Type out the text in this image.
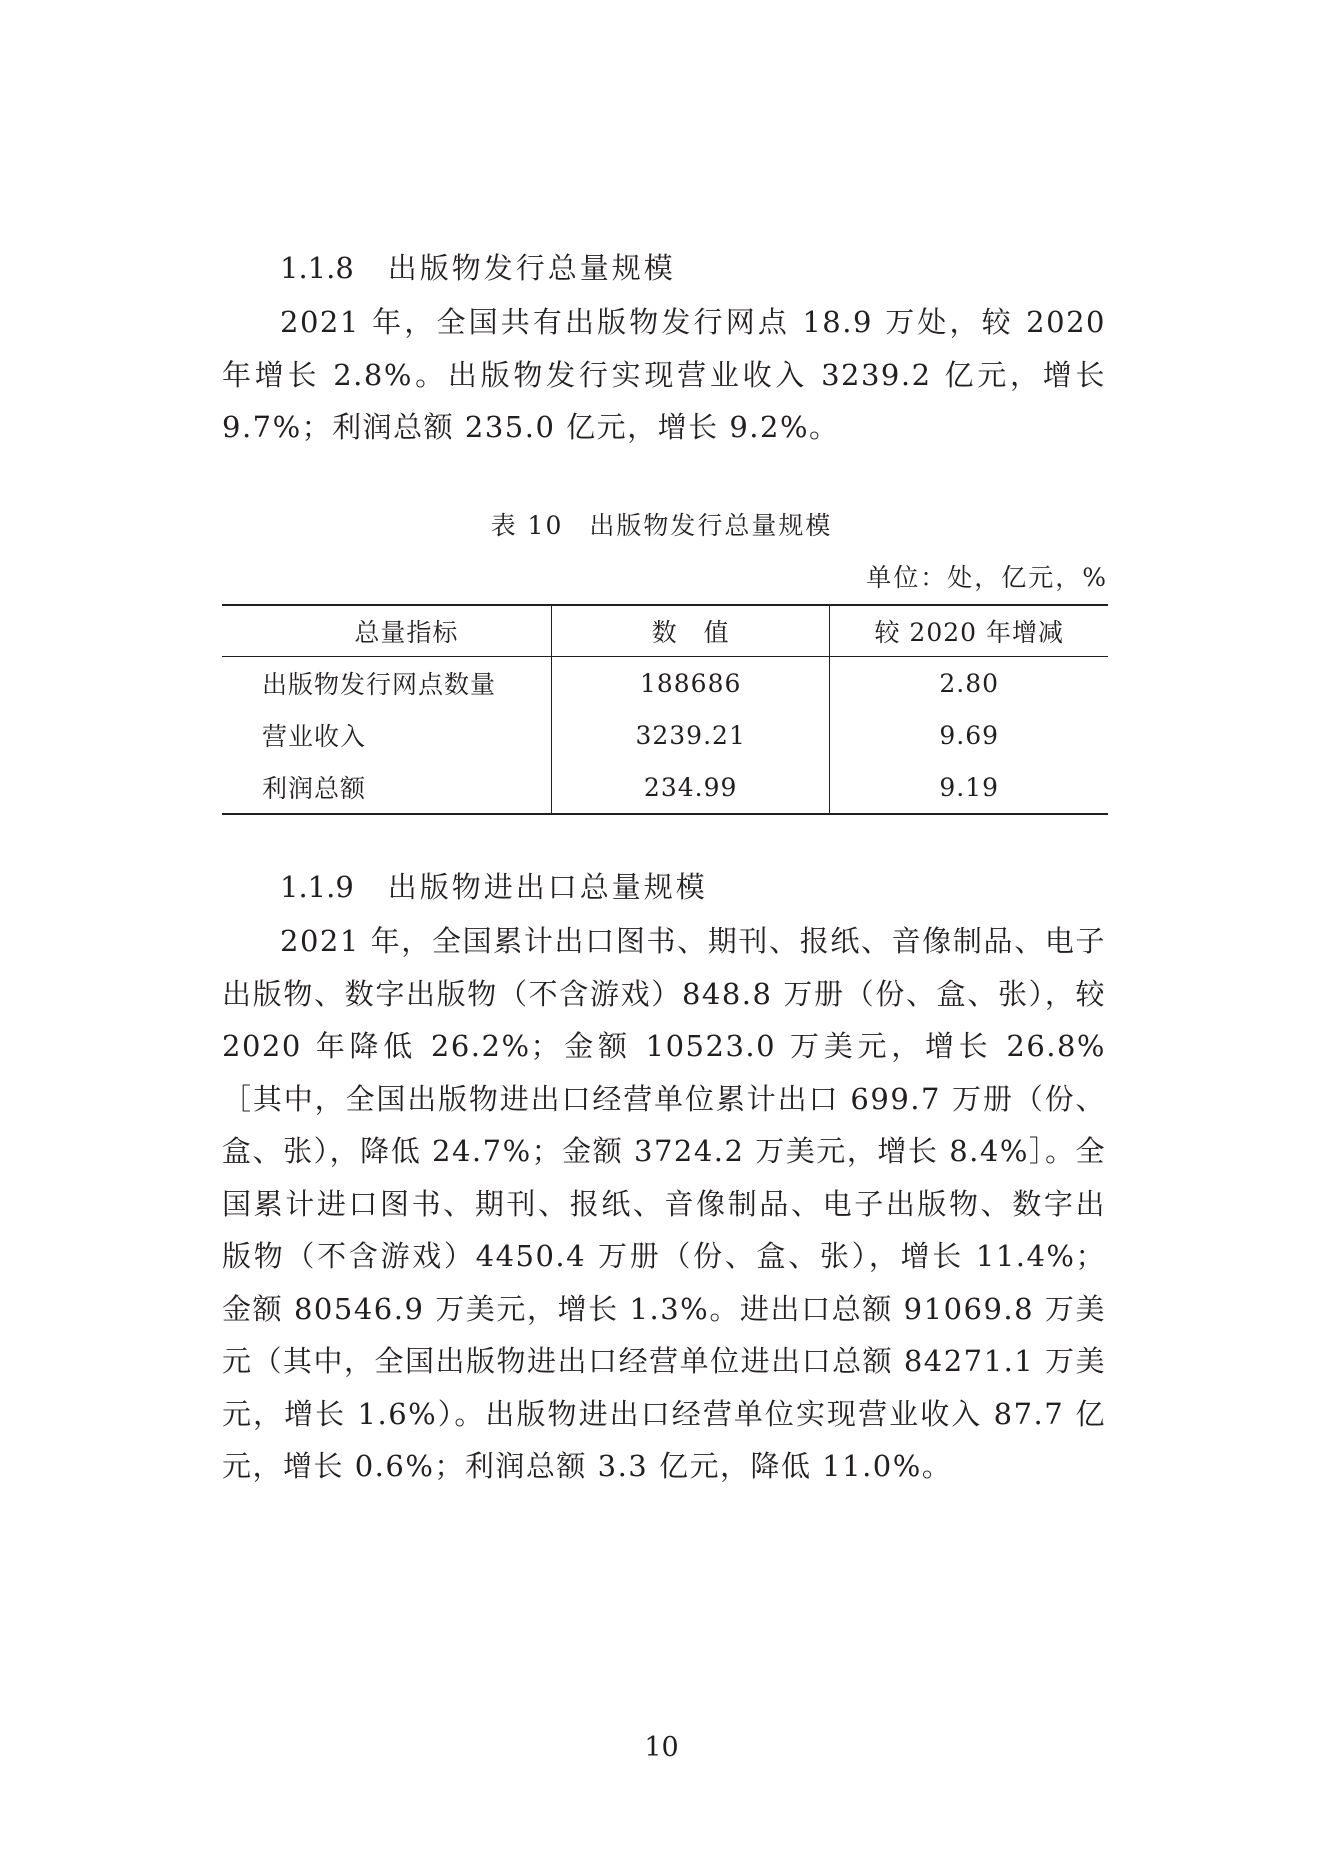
1.1.8 出版物发行总量规模

2021 年，全国共有出版物发行网点 18.9 万处，较 2020 年增长 2.8%。出版物发行实现营业收入 3239.2 亿元，增长 9.7%；利润总额 235.0 亿元，增长 9.2%。

表 10 出版物发行总量规模
单位：处，亿元，%
总量指标	数　值	较 2020 年增减
出版物发行网点数量	188686	2.80
营业收入	3239.21	9.69
利润总额	234.99	9.19
1.1.9 出版物进出口总量规模

2021 年，全国累计出口图书、期刊、报纸、音像制品、电子出版物、数字出版物（不含游戏）848.8 万册（份、盒、张），较 2020 年降低 26.2%；金额 10523.0 万美元，增长 26.8%［其中，全国出版物进出口经营单位累计出口 699.7 万册（份、盒、张），降低 24.7%；金额 3724.2 万美元，增长 8.4%］。全国累计进口图书、期刊、报纸、音像制品、电子出版物、数字出版物（不含游戏）4450.4 万册（份、盒、张），增长 11.4%；金额 80546.9 万美元，增长 1.3%。进出口总额 91069.8 万美元（其中，全国出版物进出口经营单位进出口总额 84271.1 万美元，增长 1.6%）。出版物进出口经营单位实现营业收入 87.7 亿元，增长 0.6%；利润总额 3.3 亿元，降低 11.0%。

10
